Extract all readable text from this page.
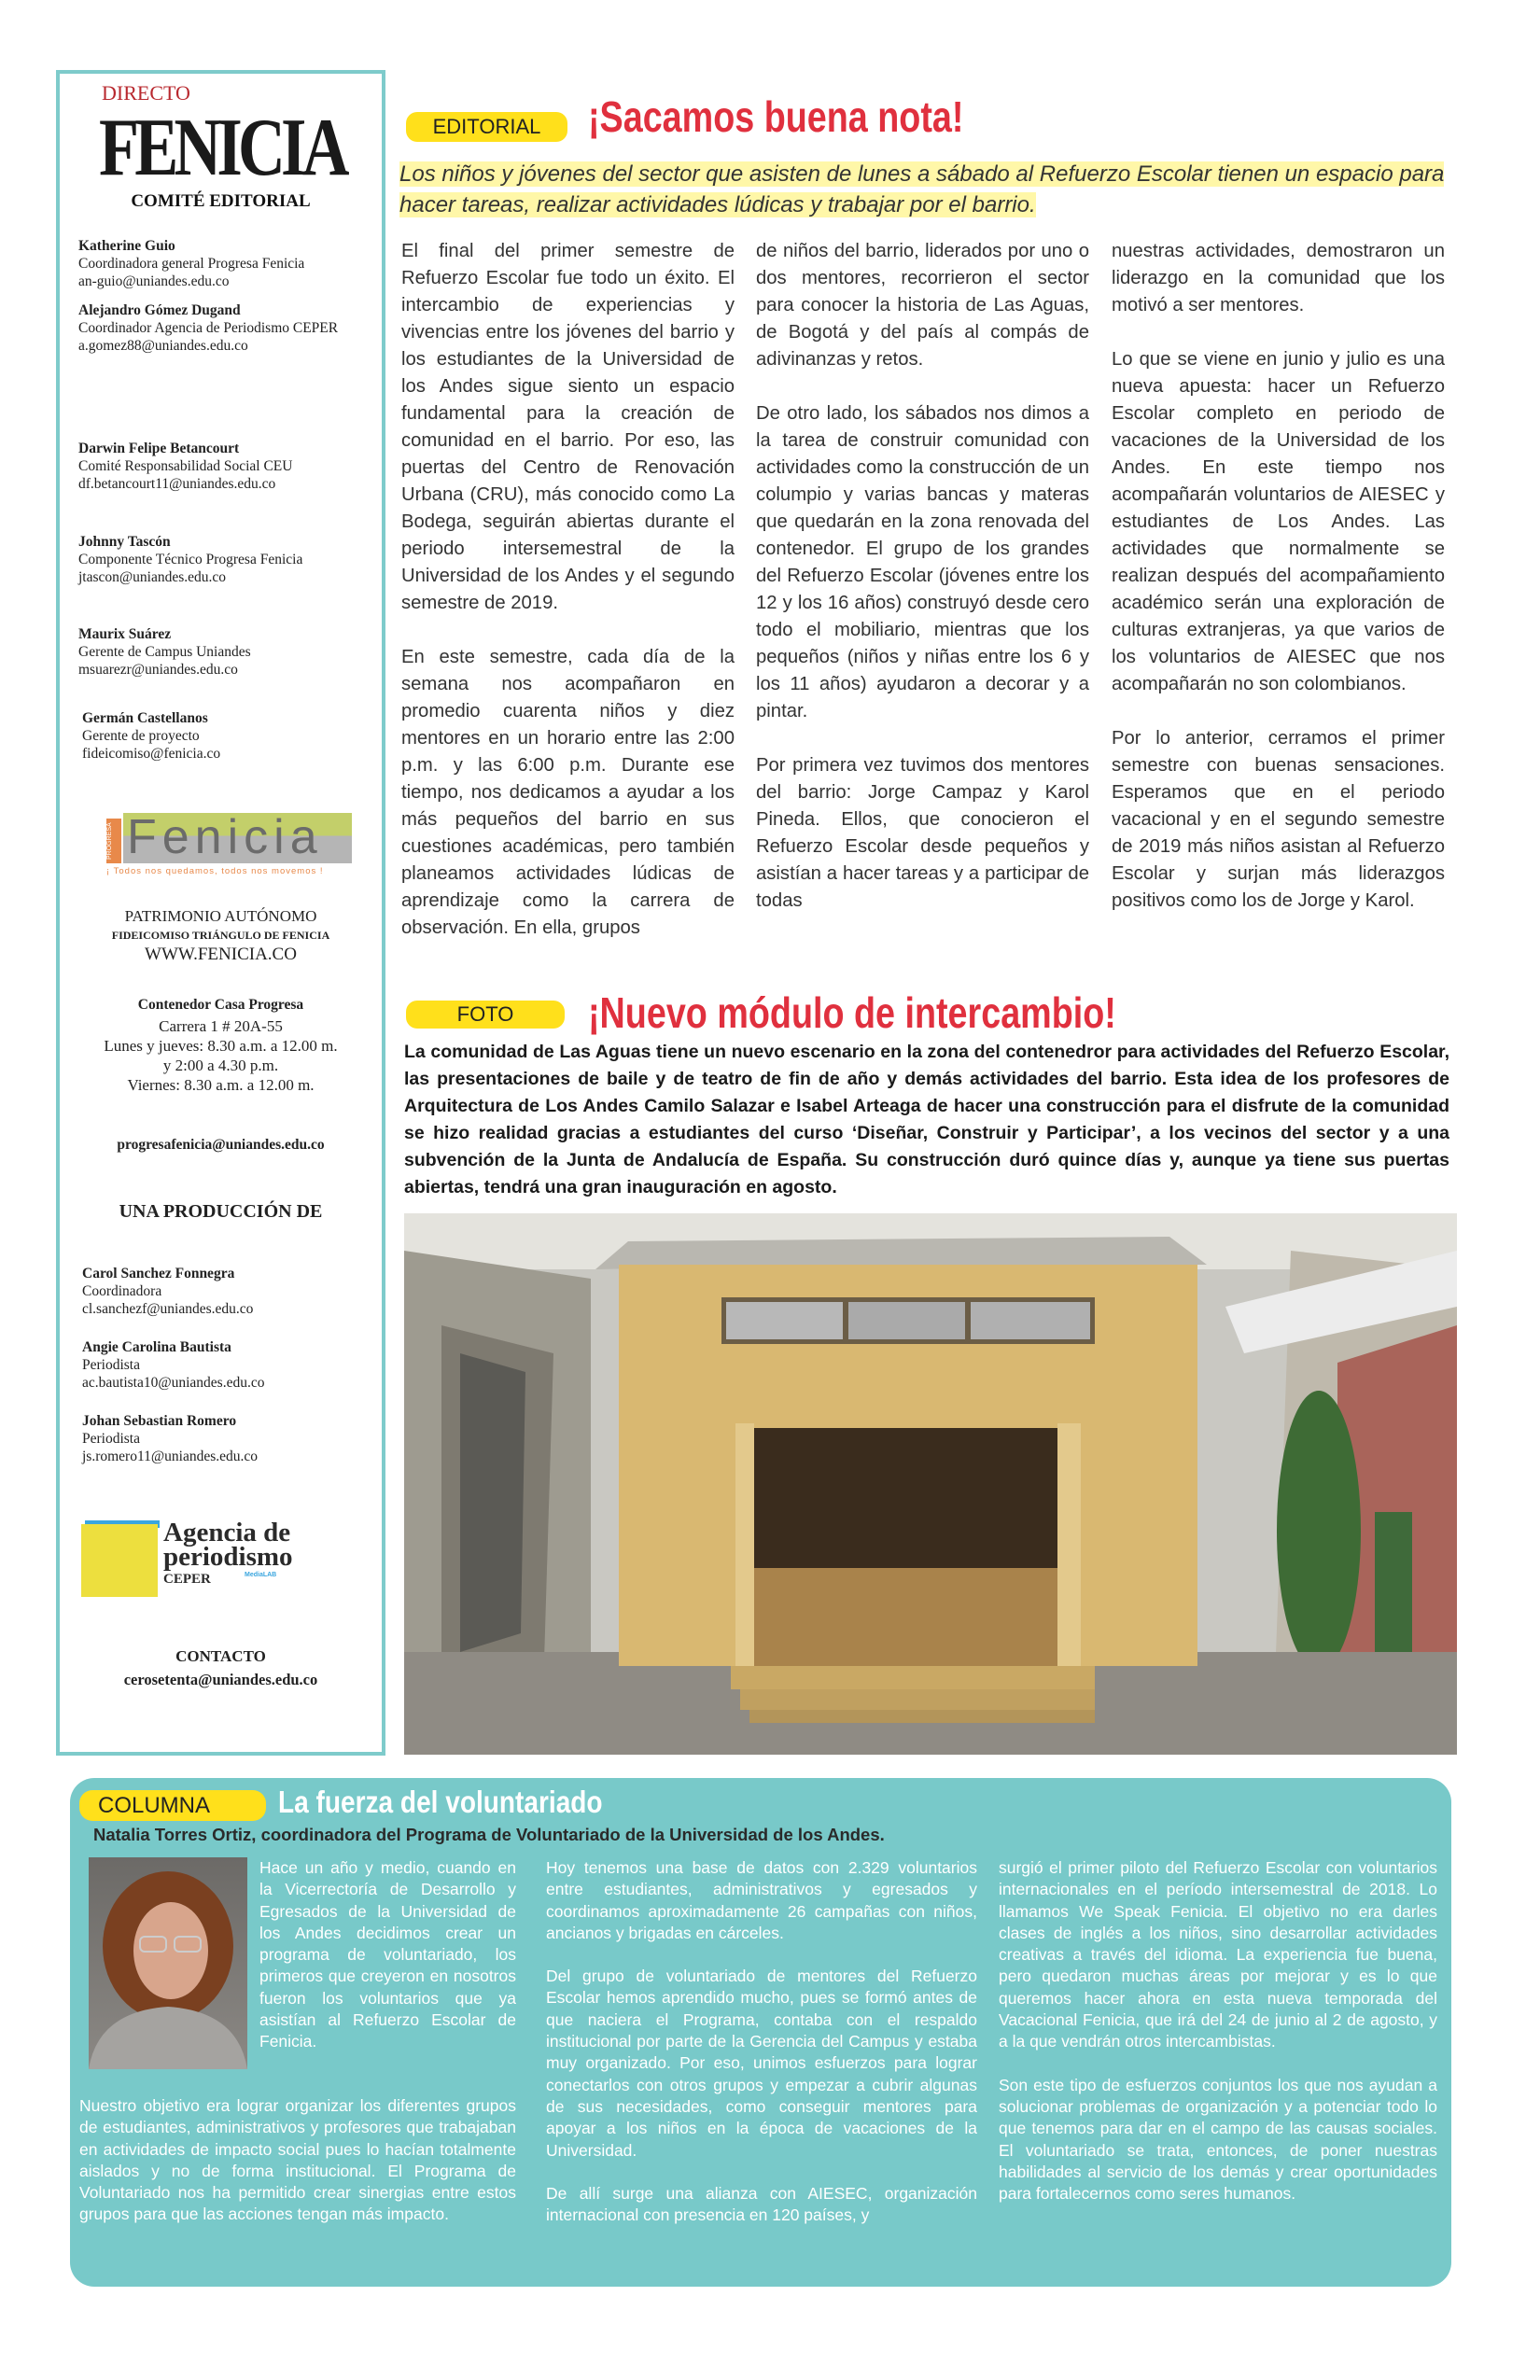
DIRECTO
FENICIA
COMITÉ EDITORIAL
Katherine Guio
Coordinadora general Progresa Fenicia
an-guio@uniandes.edu.co
Alejandro Gómez Dugand
Coordinador Agencia de Periodismo CEPER
a.gomez88@uniandes.edu.co
Darwin Felipe Betancourt
Comité Responsabilidad Social CEU
df.betancourt11@uniandes.edu.co
Johnny Tascón
Componente Técnico Progresa Fenicia
jtascon@uniandes.edu.co
Maurix Suárez
Gerente de Campus Uniandes
msuarezr@uniandes.edu.co
Germán Castellanos
Gerente de proyecto
fideicomiso@fenicia.co
PROGRESA Fenicia
¡ Todos nos quedamos, todos nos movemos !
PATRIMONIO AUTÓNOMO
FIDEICOMISO TRIÁNGULO DE FENICIA
WWW.FENICIA.CO
Contenedor Casa Progresa
Carrera 1 # 20A-55
Lunes y jueves: 8.30 a.m. a 12.00 m.
y 2:00 a 4.30 p.m.
Viernes: 8.30 a.m. a 12.00 m.
progresafenicia@uniandes.edu.co
UNA PRODUCCIÓN DE
Carol Sanchez Fonnegra
Coordinadora
cl.sanchezf@uniandes.edu.co
Angie Carolina Bautista
Periodista
ac.bautista10@uniandes.edu.co
Johan Sebastian Romero
Periodista
js.romero11@uniandes.edu.co
Agencia de
periodismo
MediaLAB
CEPER
CONTACTO
cerosetenta@uniandes.edu.co
EDITORIAL	¡Sacamos buena nota!
Los niños y jóvenes del sector que asisten de lunes a sábado al Refuerzo Escolar tienen un espacio para hacer tareas, realizar actividades lúdicas y trabajar por el barrio.

El final del primer semestre de Refuerzo Escolar fue todo un éxito. El intercambio de experiencias y vivencias entre los jóvenes del barrio y los estudiantes de la Universidad de los Andes sigue siento un espacio fundamental para la creación de comunidad en el barrio. Por eso, las puertas del Centro de Renovación Urbana (CRU), más conocido como La Bodega, seguirán abiertas durante el periodo intersemestral de la Universidad de los Andes y el segundo semestre de 2019.

En este semestre, cada día de la semana nos acompañaron en promedio cuarenta niños y diez mentores en un horario entre las 2:00 p.m. y las 6:00 p.m. Durante ese tiempo, nos dedicamos a ayudar a los más pequeños del barrio en sus cuestiones académicas, pero también planeamos actividades lúdicas de aprendizaje como la carrera de observación. En ella, grupos

de niños del barrio, liderados por uno o dos mentores, recorrieron el sector para conocer la historia de Las Aguas, de Bogotá y del país al compás de adivinanzas y retos.

De otro lado, los sábados nos dimos a la tarea de construir comunidad con actividades como la construcción de un columpio y varias bancas y materas que quedarán en la zona renovada del contenedor. El grupo de los grandes del Refuerzo Escolar (jóvenes entre los 12 y los 16 años) construyó desde cero todo el mobiliario, mientras que los pequeños (niños y niñas entre los 6 y los 11 años) ayudaron a decorar y a pintar.

Por primera vez tuvimos dos mentores del barrio: Jorge Campaz y Karol Pineda. Ellos, que conocieron el Refuerzo Escolar desde pequeños y asistían a hacer tareas y a participar de todas

nuestras actividades, demostraron un liderazgo en la comunidad que los motivó a ser mentores.

Lo que se viene en junio y julio es una nueva apuesta: hacer un Refuerzo Escolar completo en periodo de vacaciones de la Universidad de los Andes. En este tiempo nos acompañarán voluntarios de AIESEC y estudiantes de Los Andes. Las actividades que normalmente se realizan después del acompañamiento académico serán una exploración de culturas extranjeras, ya que varios de los voluntarios de AIESEC que nos acompañarán no son colombianos.

Por lo anterior, cerramos el primer semestre con buenas sensaciones. Esperamos que en el periodo vacacional y en el segundo semestre de 2019 más niños asistan al Refuerzo Escolar y surjan más liderazgos positivos como los de Jorge y Karol.

FOTO	¡Nuevo módulo de intercambio!
La comunidad de Las Aguas tiene un nuevo escenario en la zona del contenedror para actividades del Refuerzo Escolar, las presentaciones de baile y de teatro de fin de año y demás actividades del barrio. Esta idea de los profesores de Arquitectura de Los Andes Camilo Salazar e Isabel Arteaga de hacer una construcción para el disfrute de la comunidad se hizo realidad gracias a estudiantes del curso ‘Diseñar, Construir y Participar’, a los vecinos del sector y a una subvención de la Junta de Andalucía de España. Su construcción duró quince días y, aunque ya tiene sus puertas abiertas, tendrá una gran inauguración en agosto.
COLUMNA	La fuerza del voluntariado
Natalia Torres Ortiz, coordinadora del Programa de Voluntariado de la Universidad de los Andes.
Hace un año y medio, cuando en la Vicerrectoría de Desarrollo y Egresados de la Universidad de los Andes decidimos crear un programa de voluntariado, los primeros que creyeron en nosotros fueron los voluntarios que ya asistían al Refuerzo Escolar de Fenicia.
Nuestro objetivo era lograr organizar los diferentes grupos de estudiantes, administrativos y profesores que trabajaban en actividades de impacto social pues lo hacían totalmente aislados y no de forma institucional. El Programa de Voluntariado nos ha permitido crear sinergias entre estos grupos para que las acciones tengan más impacto.

Hoy tenemos una base de datos con 2.329 voluntarios entre estudiantes, administrativos y egresados y coordinamos aproximadamente 26 campañas con niños, ancianos y brigadas en cárceles.

Del grupo de voluntariado de mentores del Refuerzo Escolar hemos aprendido mucho, pues se formó antes de que naciera el Programa, contaba con el respaldo institucional por parte de la Gerencia del Campus y estaba muy organizado. Por eso, unimos esfuerzos para lograr conectarlos con otros grupos y empezar a cubrir algunas de sus necesidades, como conseguir mentores para apoyar a los niños en la época de vacaciones de la Universidad.

De allí surge una alianza con AIESEC, organización internacional con presencia en 120 países, y

surgió el primer piloto del Refuerzo Escolar con voluntarios internacionales en el período intersemestral de 2018. Lo llamamos We Speak Fenicia. El objetivo no era darles clases de inglés a los niños, sino desarrollar actividades creativas a través del idioma. La experiencia fue buena, pero quedaron muchas áreas por mejorar y es lo que queremos hacer ahora en esta nueva temporada del Vacacional Fenicia, que irá del 24 de junio al 2 de agosto, y a la que vendrán otros intercambistas.

Son este tipo de esfuerzos conjuntos los que nos ayudan a solucionar problemas de organización y a potenciar todo lo que tenemos para dar en el campo de las causas sociales. El voluntariado se trata, entonces, de poner nuestras habilidades al servicio de los demás y crear oportunidades para fortalecernos como seres humanos.
